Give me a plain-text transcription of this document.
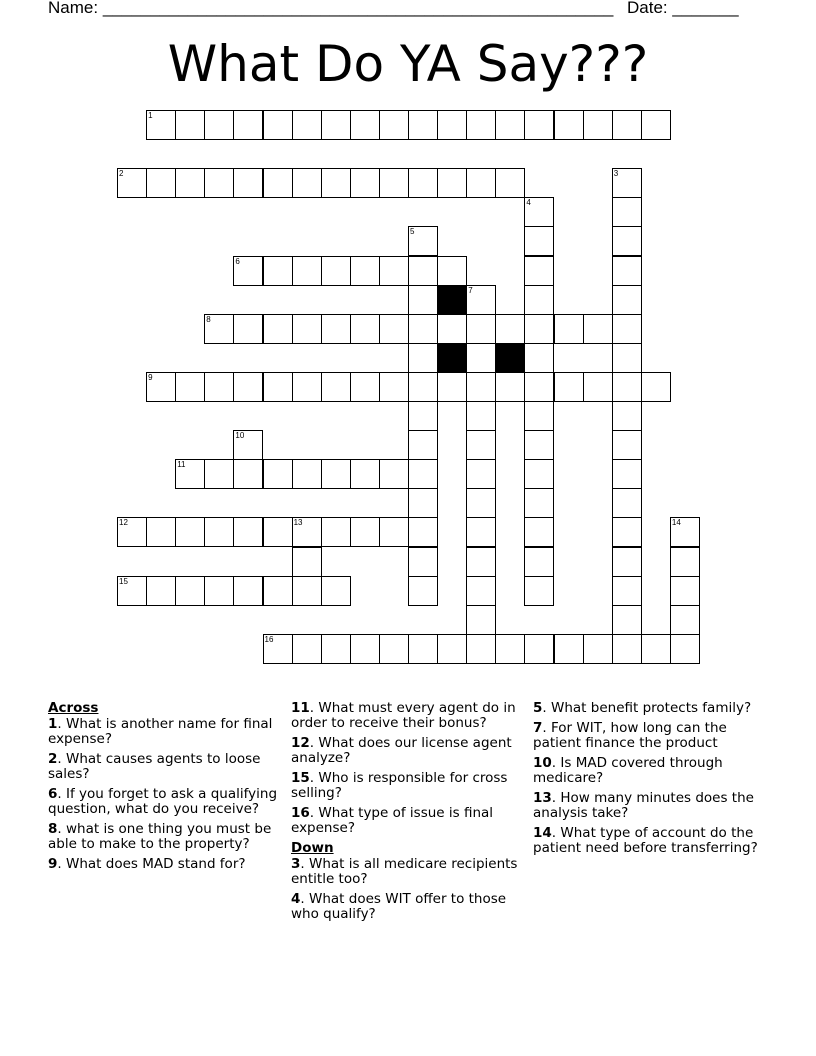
Name: ______________________________________________________ Date: _______
What Do YA Say???
1
2	3
4
5
6
7
8
9
10
11
12	13	14
15
16
Across
1. What is another name for final expense?
2. What causes agents to loose sales?
6. If you forget to ask a qualifying question, what do you receive?
8. what is one thing you must be able to make to the property?
9. What does MAD stand for?
11. What must every agent do in order to receive their bonus?
12. What does our license agent analyze?
15. Who is responsible for cross selling?
16. What type of issue is final expense?
Down
3. What is all medicare recipients entitle too?
4. What does WIT offer to those who qualify?
5. What benefit protects family?
7. For WIT, how long can the patient finance the product
10. Is MAD covered through medicare?
13. How many minutes does the analysis take?
14. What type of account do the patient need before transferring?
